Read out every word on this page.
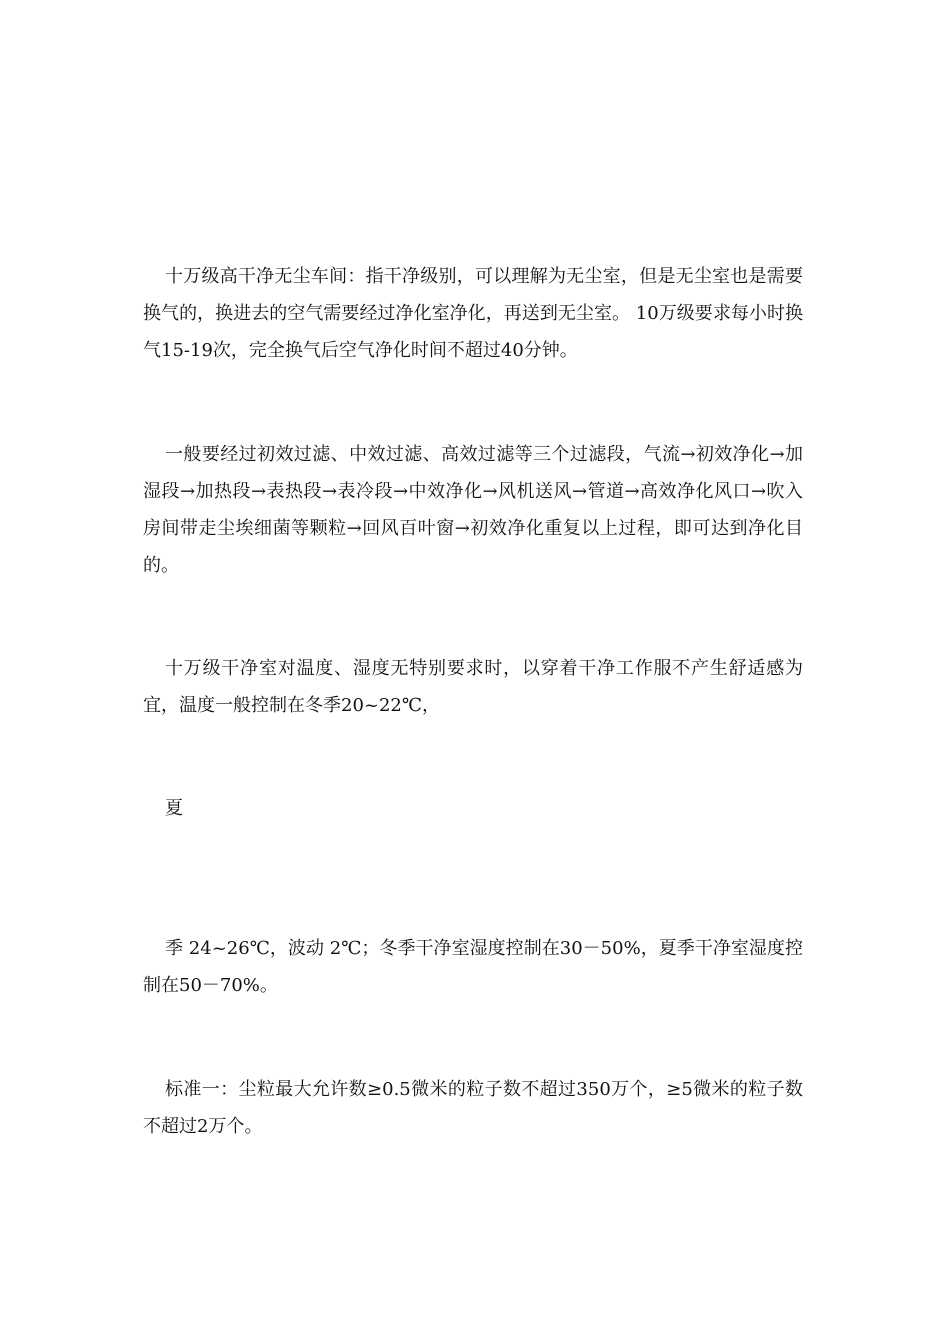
十万级高干净无尘车间：指干净级别，可以理解为无尘室，但是无尘室也是需要换气的，换进去的空气需要经过净化室净化，再送到无尘室。 10万级要求每小时换气15-19次，完全换气后空气净化时间不超过40分钟。

一般要经过初效过滤、中效过滤、高效过滤等三个过滤段，气流→初效净化→加湿段→加热段→表热段→表冷段→中效净化→风机送风→管道→高效净化风口→吹入房间带走尘埃细菌等颗粒→回风百叶窗→初效净化重复以上过程，即可达到净化目的。

十万级干净室对温度、湿度无特别要求时，以穿着干净工作服不产生舒适感为宜，温度一般控制在冬季20~22℃，

夏

季 24~26℃，波动 2℃；冬季干净室湿度控制在30－50%，夏季干净室湿度控制在50－70%。

标准一：尘粒最大允许数≥0.5微米的粒子数不超过350万个，≥5微米的粒子数不超过2万个。
